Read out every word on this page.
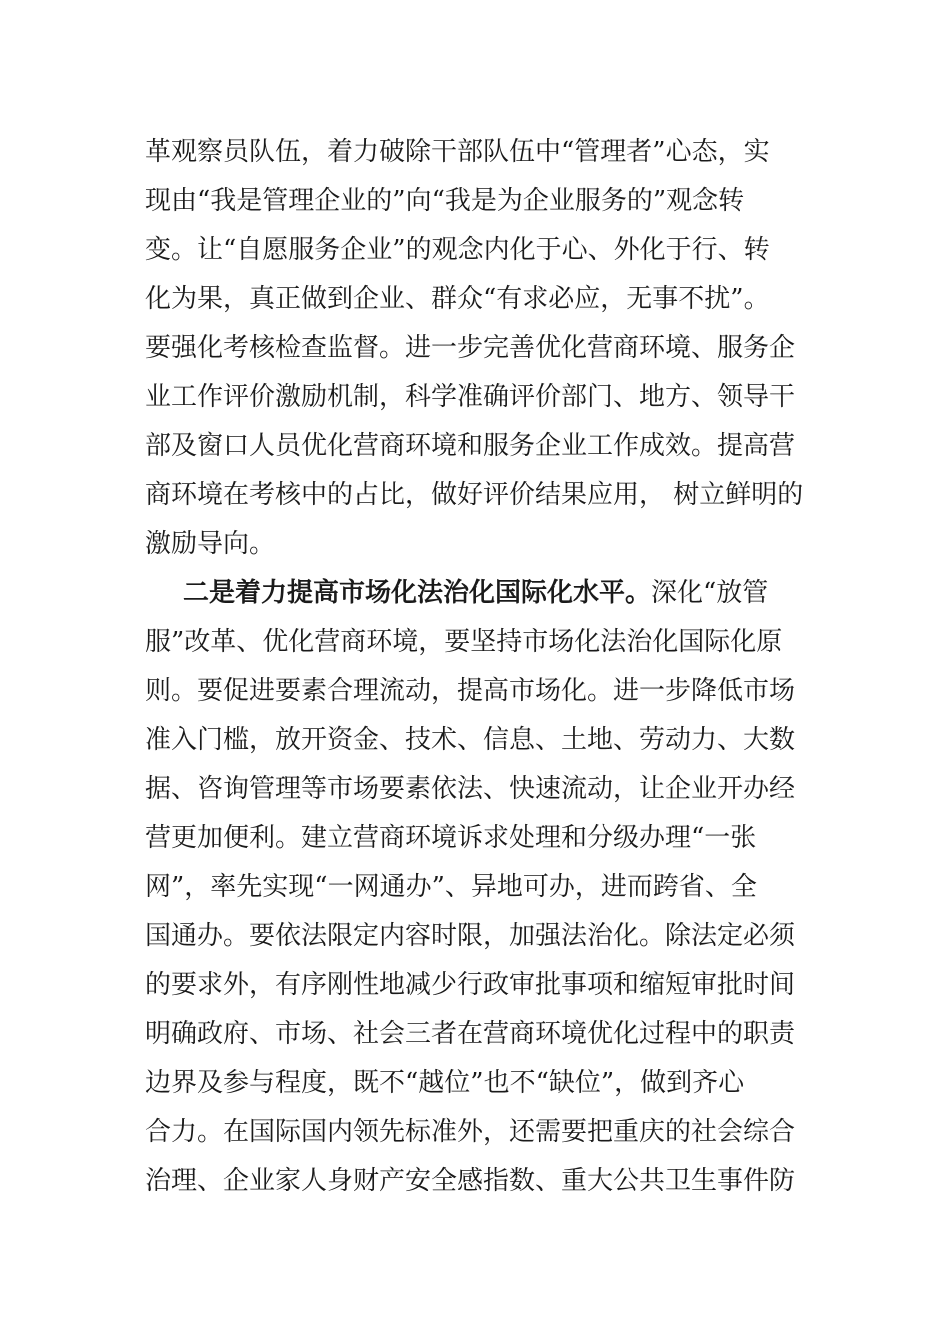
革观察员队伍，着力破除干部队伍中“管理者”心态，实
现由“我是管理企业的”向“我是为企业服务的”观念转
变。让“自愿服务企业”的观念内化于心、外化于行、转
化为果，真正做到企业、群众“有求必应，无事不扰”。
要强化考核检查监督。进一步完善优化营商环境、服务企
业工作评价激励机制，科学准确评价部门、地方、领导干
部及窗口人员优化营商环境和服务企业工作成效。提高营
商环境在考核中的占比，做好评价结果应用， 树立鲜明的
激励导向。
二是着力提高市场化法治化国际化水平。深化“放管
服”改革、优化营商环境，要坚持市场化法治化国际化原
则。要促进要素合理流动，提高市场化。进一步降低市场
准入门槛，放开资金、技术、信息、土地、劳动力、大数
据、咨询管理等市场要素依法、快速流动，让企业开办经
营更加便利。建立营商环境诉求处理和分级办理“一张
网”，率先实现“一网通办”、异地可办，进而跨省、全
国通办。要依法限定内容时限，加强法治化。除法定必须
的要求外，有序刚性地减少行政审批事项和缩短审批时间
明确政府、市场、社会三者在营商环境优化过程中的职责
边界及参与程度，既不“越位”也不“缺位”，做到齐心
合力。在国际国内领先标准外，还需要把重庆的社会综合
治理、企业家人身财产安全感指数、重大公共卫生事件防
